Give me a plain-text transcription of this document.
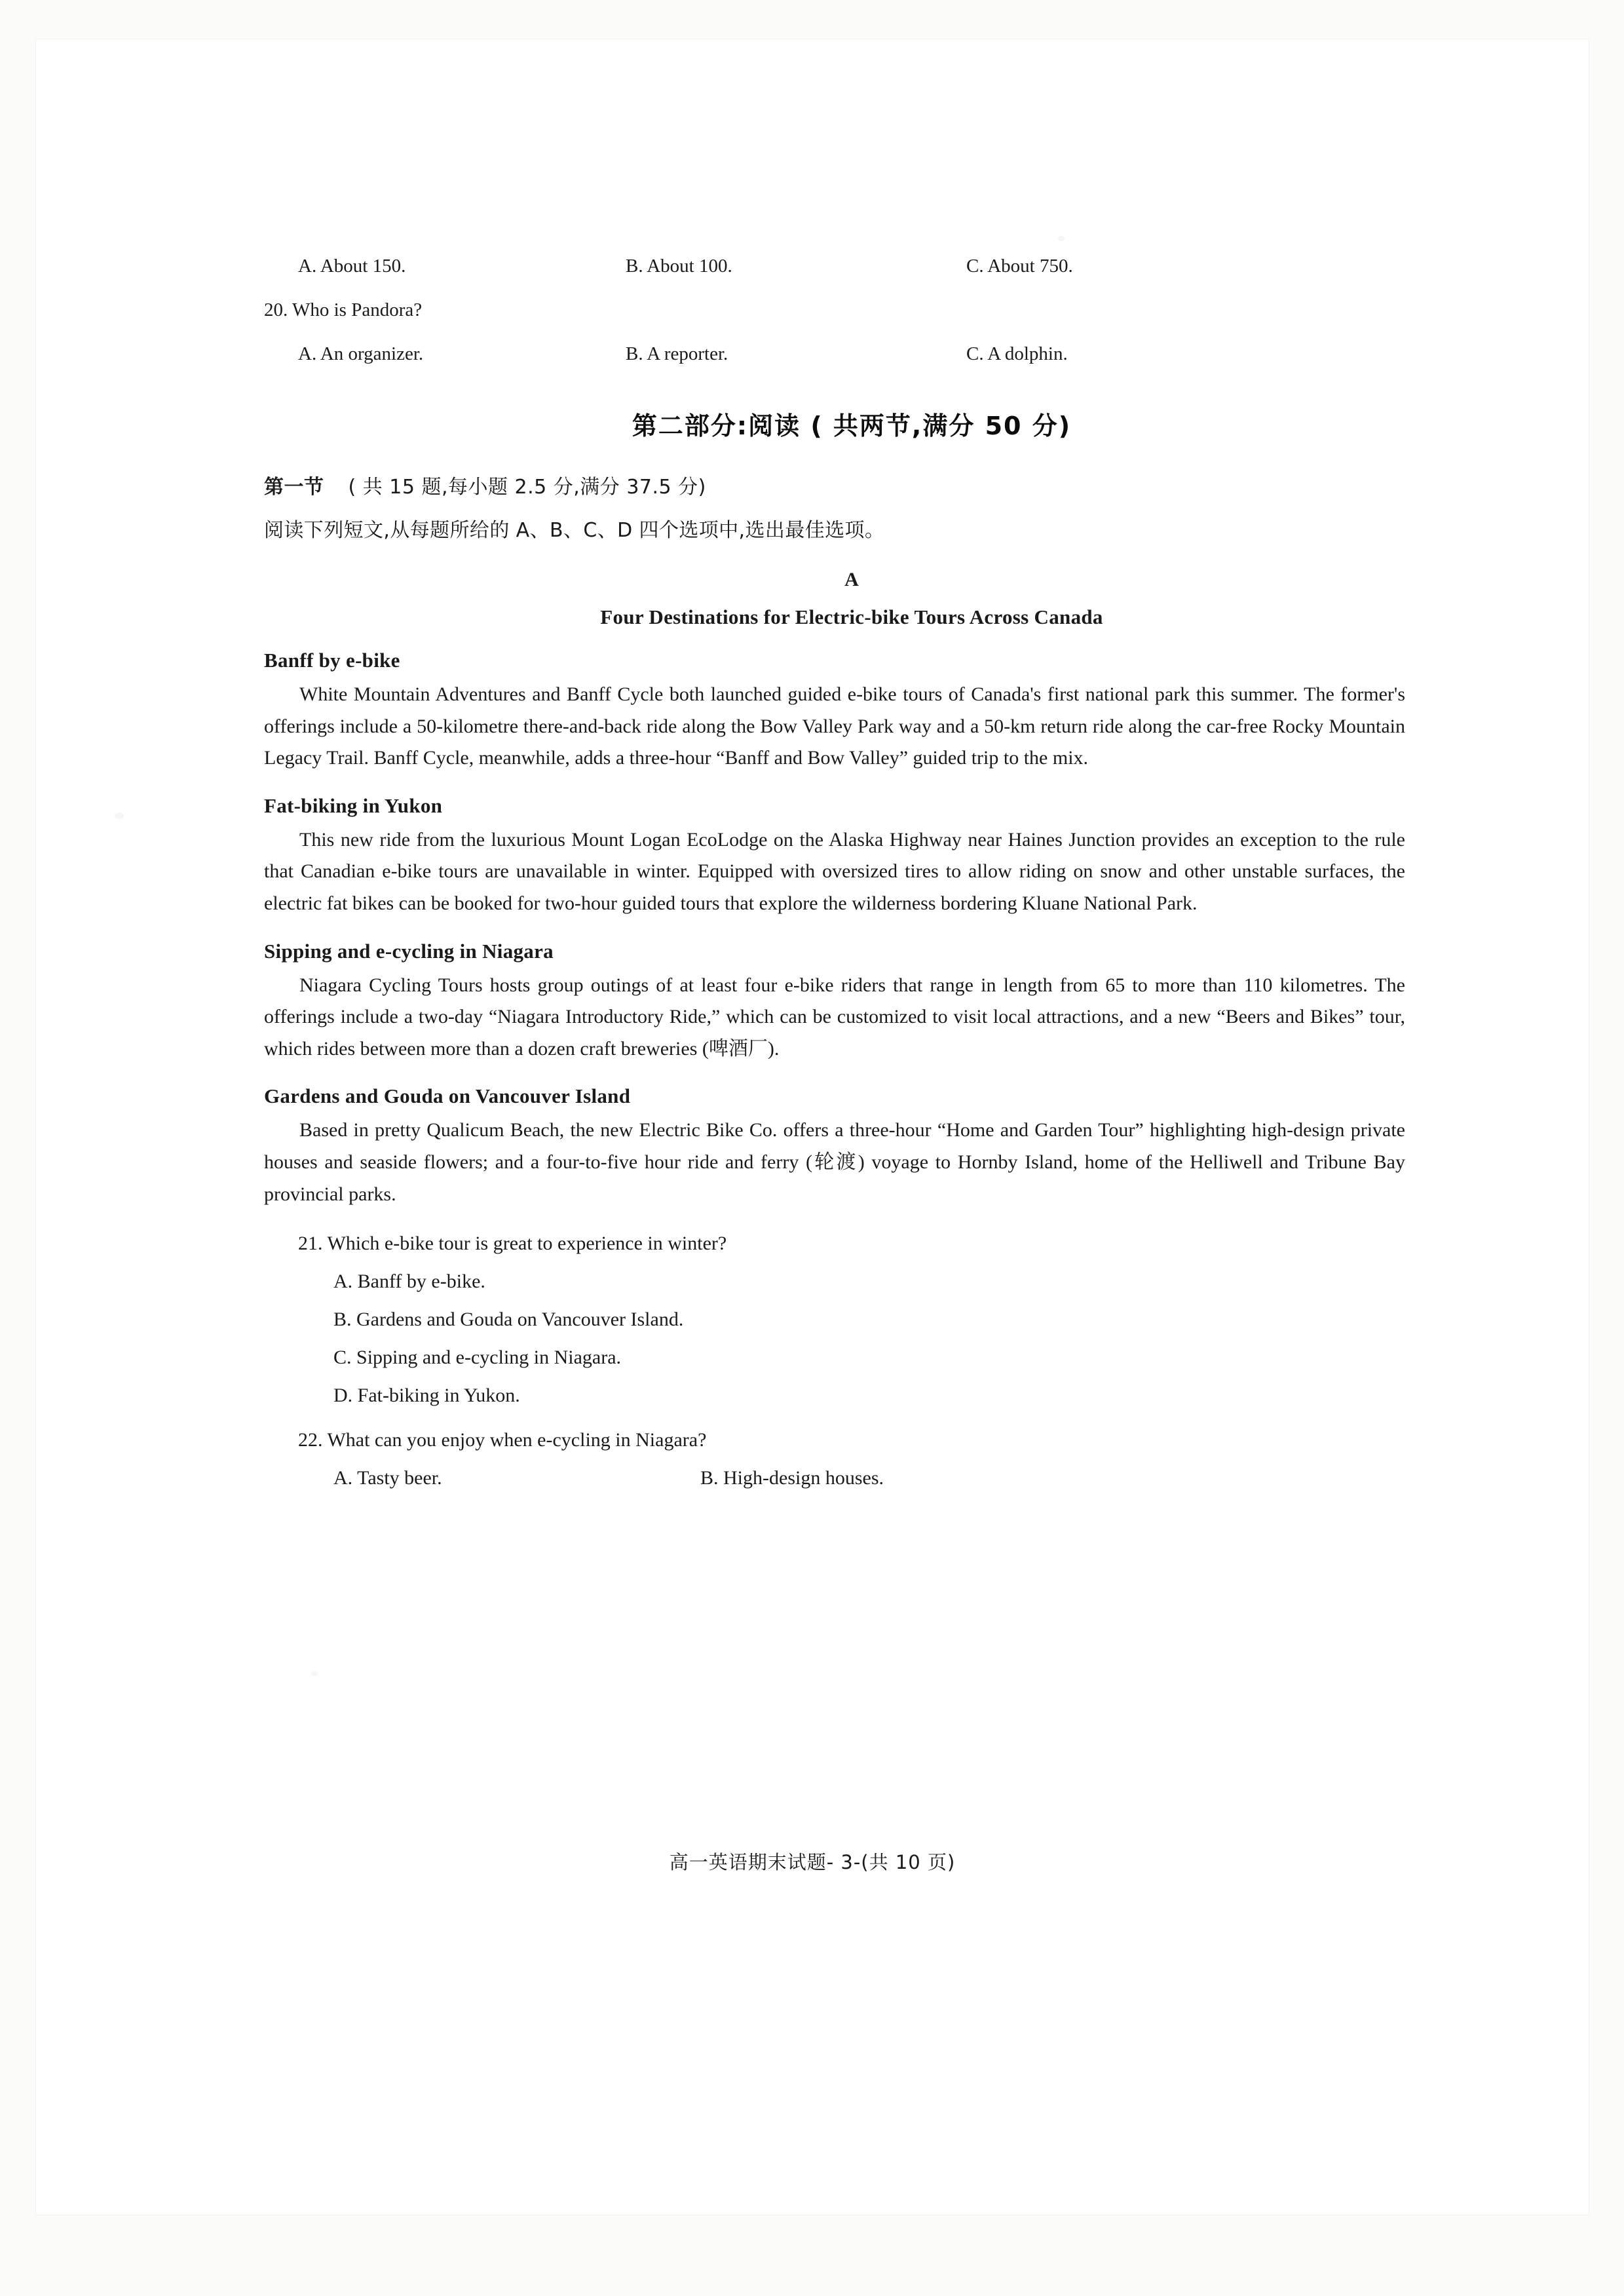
A. About 150.	B. About 100.	C. About 750.
20. Who is Pandora?
A. An organizer.	B. A reporter.	C. A dolphin.
第二部分:阅读 ( 共两节,满分 50 分)
第一节 ( 共 15 题,每小题 2.5 分,满分 37.5 分)
阅读下列短文,从每题所给的 A、B、C、D 四个选项中,选出最佳选项。
A
Four Destinations for Electric-bike Tours Across Canada
Banff by e-bike
White Mountain Adventures and Banff Cycle both launched guided e-bike tours of Canada's first national park this summer. The former's offerings include a 50-kilometre there-and-back ride along the Bow Valley Park way and a 50-km return ride along the car-free Rocky Mountain Legacy Trail. Banff Cycle, meanwhile, adds a three-hour “Banff and Bow Valley” guided trip to the mix.
Fat-biking in Yukon
This new ride from the luxurious Mount Logan EcoLodge on the Alaska Highway near Haines Junction provides an exception to the rule that Canadian e-bike tours are unavailable in winter. Equipped with oversized tires to allow riding on snow and other unstable surfaces, the electric fat bikes can be booked for two-hour guided tours that explore the wilderness bordering Kluane National Park.
Sipping and e-cycling in Niagara
Niagara Cycling Tours hosts group outings of at least four e-bike riders that range in length from 65 to more than 110 kilometres. The offerings include a two-day “Niagara Introductory Ride,” which can be customized to visit local attractions, and a new “Beers and Bikes” tour, which rides between more than a dozen craft breweries (啤酒厂).
Gardens and Gouda on Vancouver Island
Based in pretty Qualicum Beach, the new Electric Bike Co. offers a three-hour “Home and Garden Tour” highlighting high-design private houses and seaside flowers; and a four-to-five hour ride and ferry (轮渡) voyage to Hornby Island, home of the Helliwell and Tribune Bay provincial parks.
21. Which e-bike tour is great to experience in winter?
A. Banff by e-bike.
B. Gardens and Gouda on Vancouver Island.
C. Sipping and e-cycling in Niagara.
D. Fat-biking in Yukon.
22. What can you enjoy when e-cycling in Niagara?
A. Tasty beer.	B. High-design houses.
高一英语期末试题- 3-(共 10 页)
